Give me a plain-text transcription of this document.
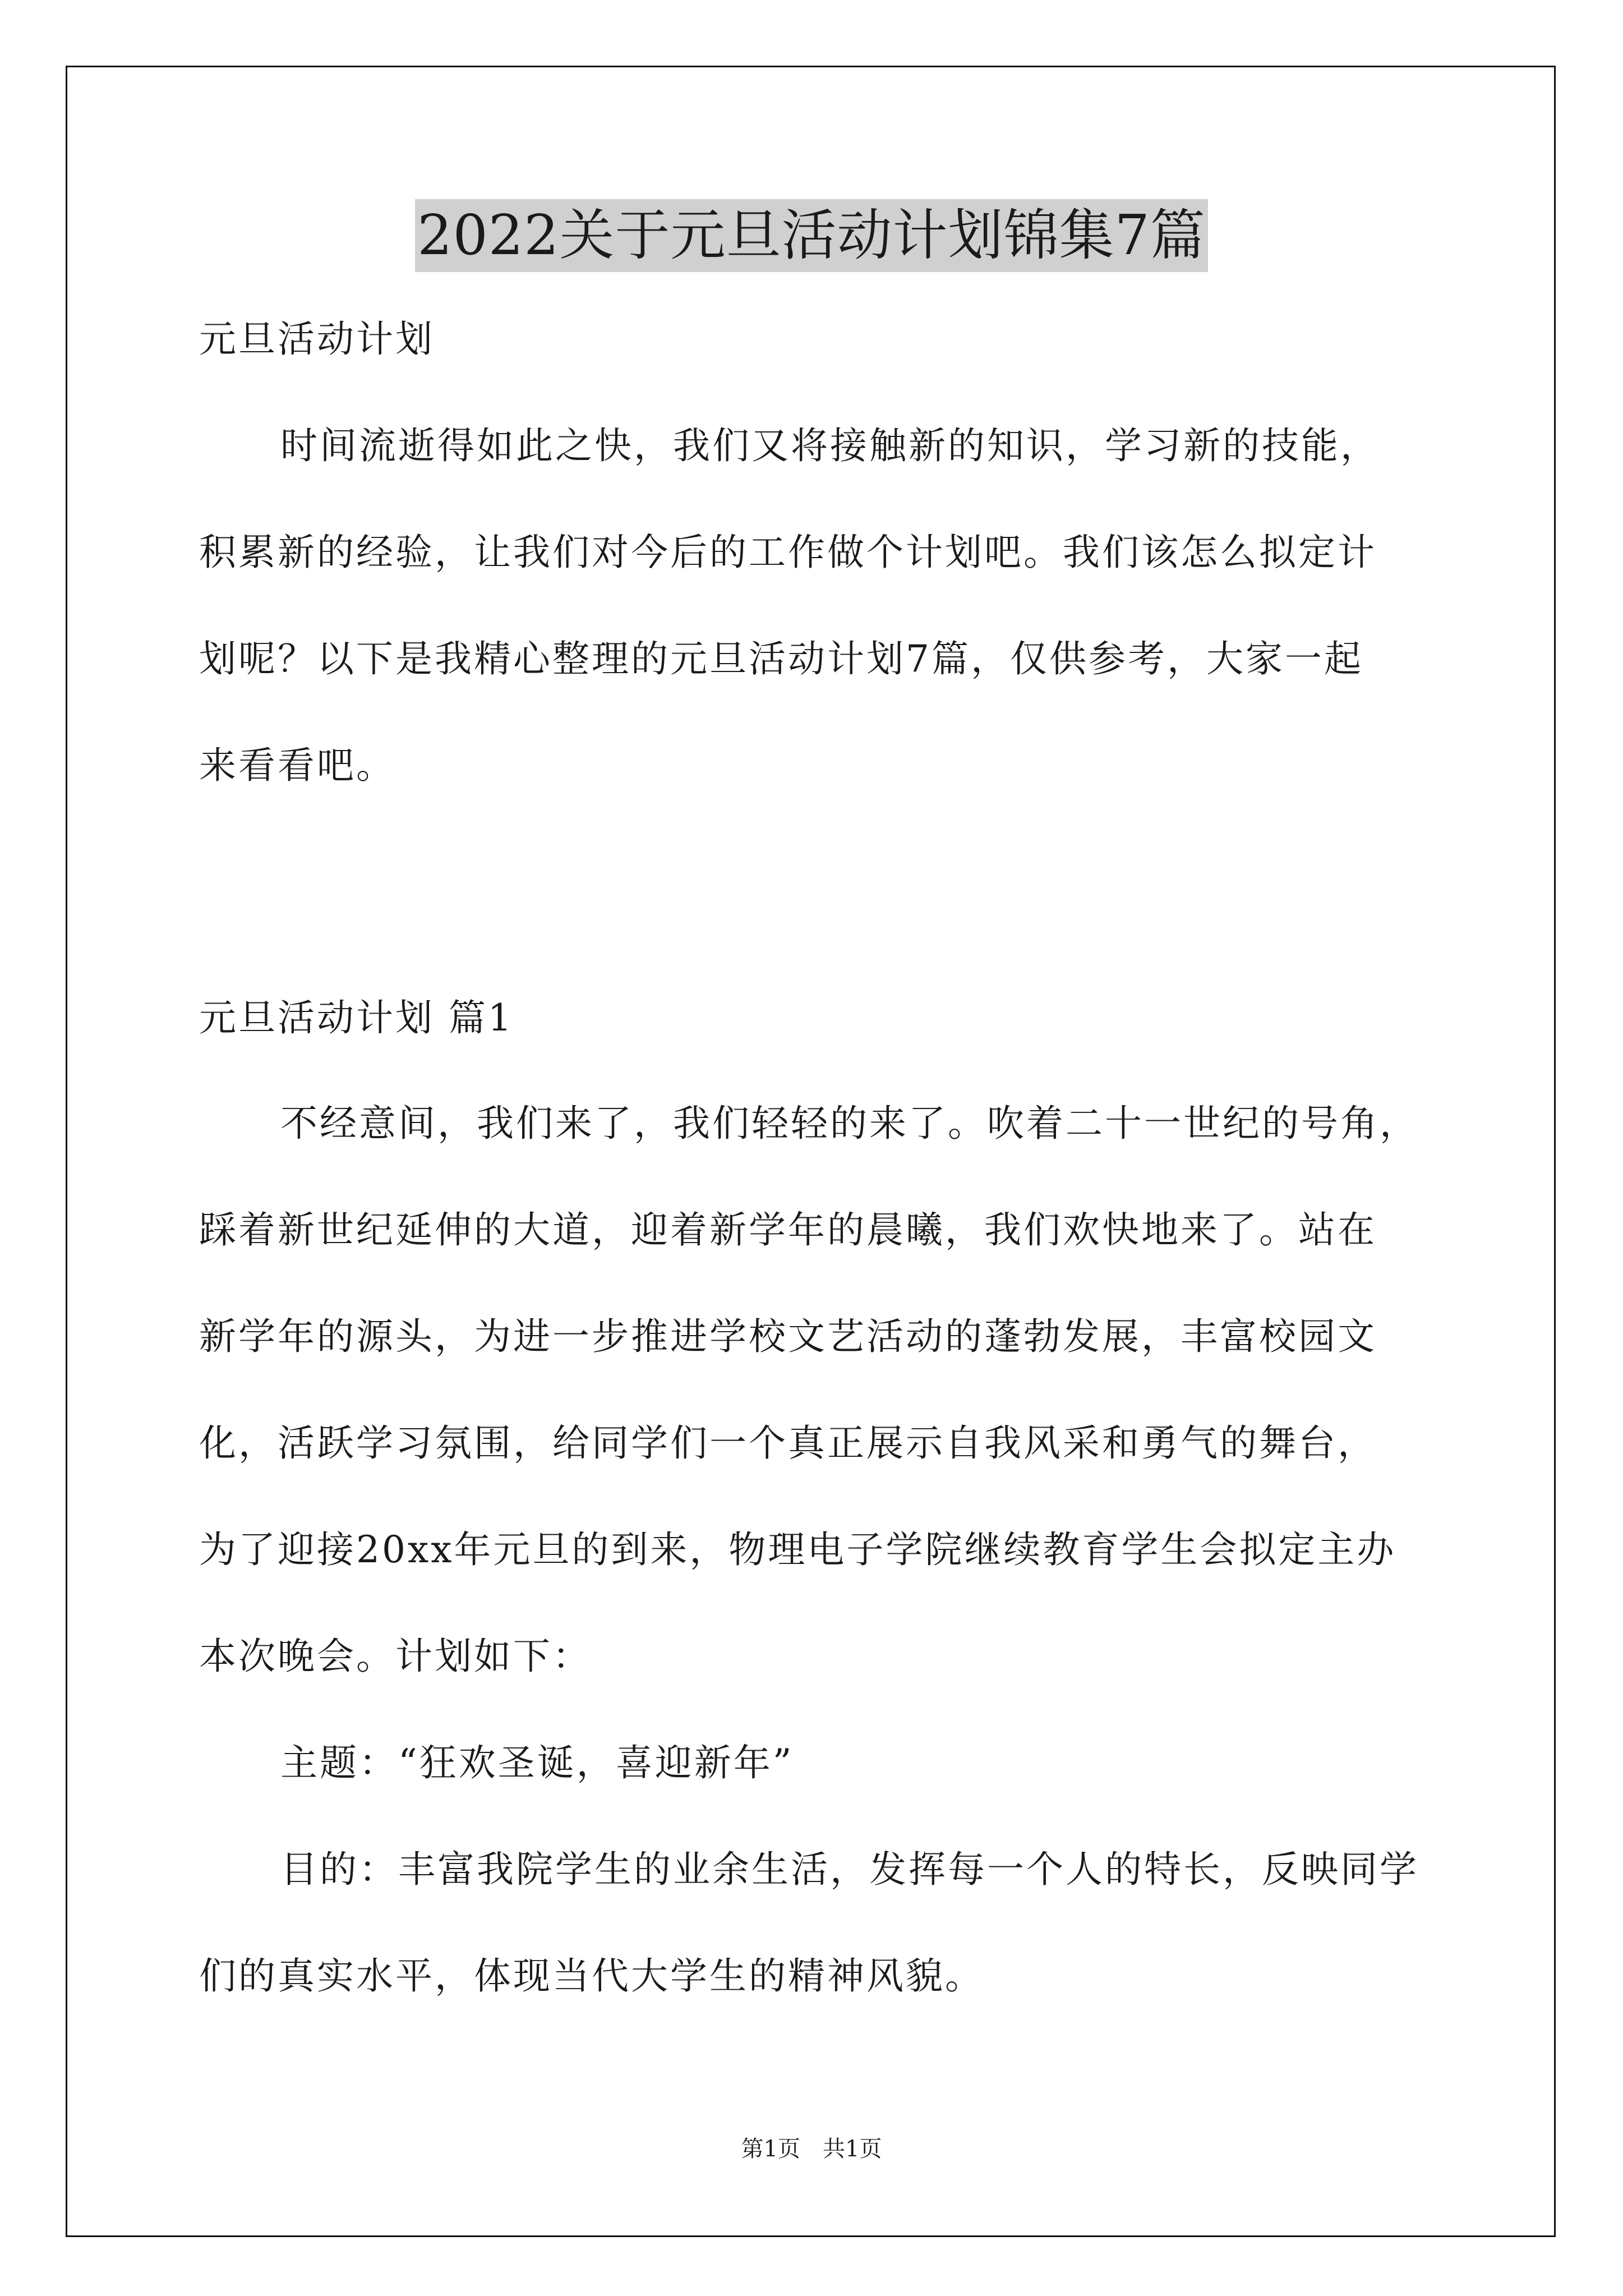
2022关于元旦活动计划锦集7篇
元旦活动计划
时间流逝得如此之快，我们又将接触新的知识，学习新的技能，
积累新的经验，让我们对今后的工作做个计划吧。我们该怎么拟定计
划呢？以下是我精心整理的元旦活动计划7篇，仅供参考，大家一起
来看看吧。
元旦活动计划 篇1
不经意间，我们来了，我们轻轻的来了。吹着二十一世纪的号角，
踩着新世纪延伸的大道，迎着新学年的晨曦，我们欢快地来了。站在
新学年的源头，为进一步推进学校文艺活动的蓬勃发展，丰富校园文
化，活跃学习氛围，给同学们一个真正展示自我风采和勇气的舞台，
为了迎接20xx年元旦的到来，物理电子学院继续教育学生会拟定主办
本次晚会。计划如下：
主题：“狂欢圣诞，喜迎新年”
目的：丰富我院学生的业余生活，发挥每一个人的特长，反映同学
们的真实水平，体现当代大学生的精神风貌。
第1页 共1页
